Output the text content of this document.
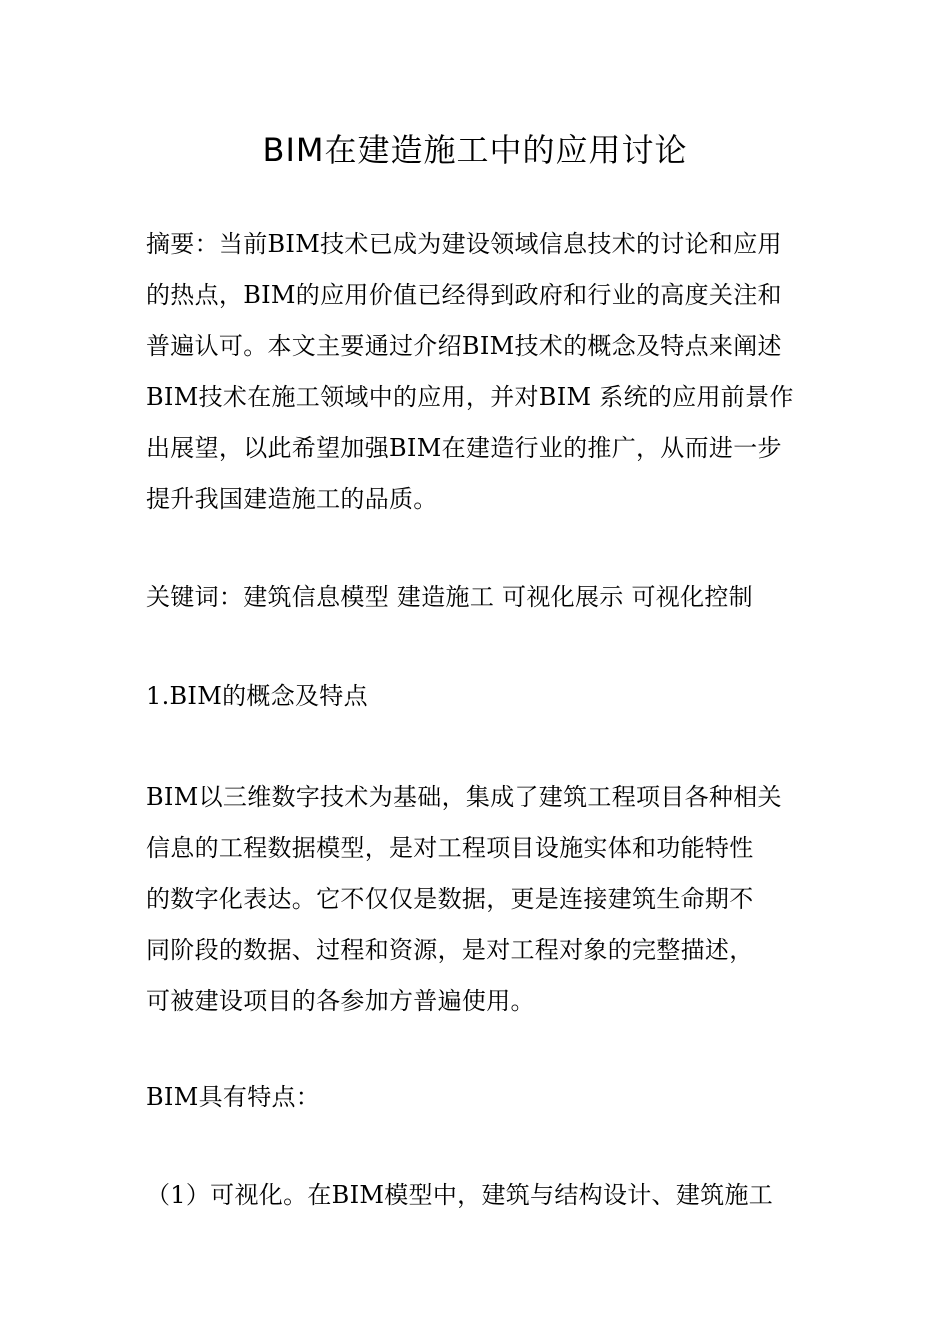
BIM在建造施工中的应用讨论
摘要：当前BIM技术已成为建设领域信息技术的讨论和应用
的热点，BIM的应用价值已经得到政府和行业的高度关注和
普遍认可。本文主要通过介绍BIM技术的概念及特点来阐述
BIM技术在施工领域中的应用，并对BIM 系统的应用前景作
出展望，以此希望加强BIM在建造行业的推广，从而进一步
提升我国建造施工的品质。
关键词：建筑信息模型 建造施工 可视化展示 可视化控制
1.BIM的概念及特点
BIM以三维数字技术为基础，集成了建筑工程项目各种相关
信息的工程数据模型，是对工程项目设施实体和功能特性
的数字化表达。它不仅仅是数据，更是连接建筑生命期不
同阶段的数据、过程和资源，是对工程对象的完整描述，
可被建设项目的各参加方普遍使用。
BIM具有特点：
（1）可视化。在BIM模型中，建筑与结构设计、建筑施工
